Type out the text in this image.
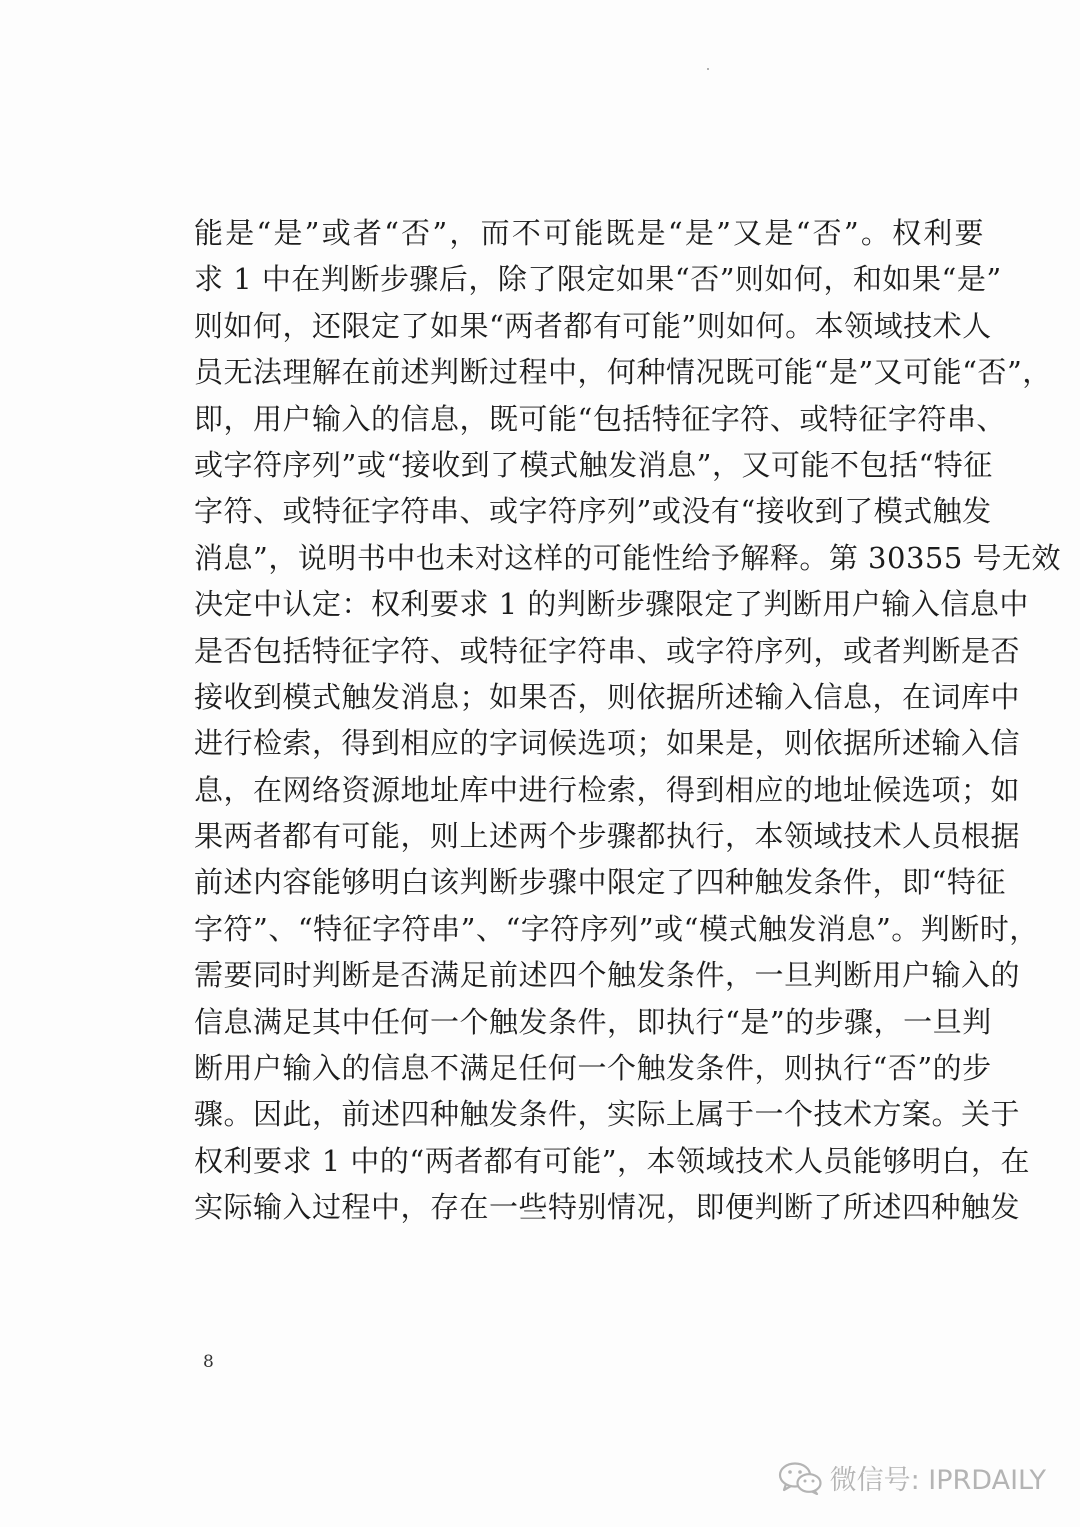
能是“是”或者“否”，而不可能既是“是”又是“否”。权利要
求 1 中在判断步骤后，除了限定如果“否”则如何，和如果“是”
则如何，还限定了如果“两者都有可能”则如何。本领域技术人
员无法理解在前述判断过程中，何种情况既可能“是”又可能“否”，
即，用户输入的信息，既可能“包括特征字符、或特征字符串、
或字符序列”或“接收到了模式触发消息”，又可能不包括“特征
字符、或特征字符串、或字符序列”或没有“接收到了模式触发
消息”，说明书中也未对这样的可能性给予解释。第 30355 号无效
决定中认定：权利要求 1 的判断步骤限定了判断用户输入信息中
是否包括特征字符、或特征字符串、或字符序列，或者判断是否
接收到模式触发消息；如果否，则依据所述输入信息，在词库中
进行检索，得到相应的字词候选项；如果是，则依据所述输入信
息，在网络资源地址库中进行检索，得到相应的地址候选项；如
果两者都有可能，则上述两个步骤都执行，本领域技术人员根据
前述内容能够明白该判断步骤中限定了四种触发条件，即“特征
字符”、“特征字符串”、“字符序列”或“模式触发消息”。判断时，
需要同时判断是否满足前述四个触发条件，一旦判断用户输入的
信息满足其中任何一个触发条件，即执行“是”的步骤，一旦判
断用户输入的信息不满足任何一个触发条件，则执行“否”的步
骤。因此，前述四种触发条件，实际上属于一个技术方案。关于
权利要求 1 中的“两者都有可能”，本领域技术人员能够明白，在
实际输入过程中，存在一些特别情况，即便判断了所述四种触发
8
微信号: IPRDAILY
